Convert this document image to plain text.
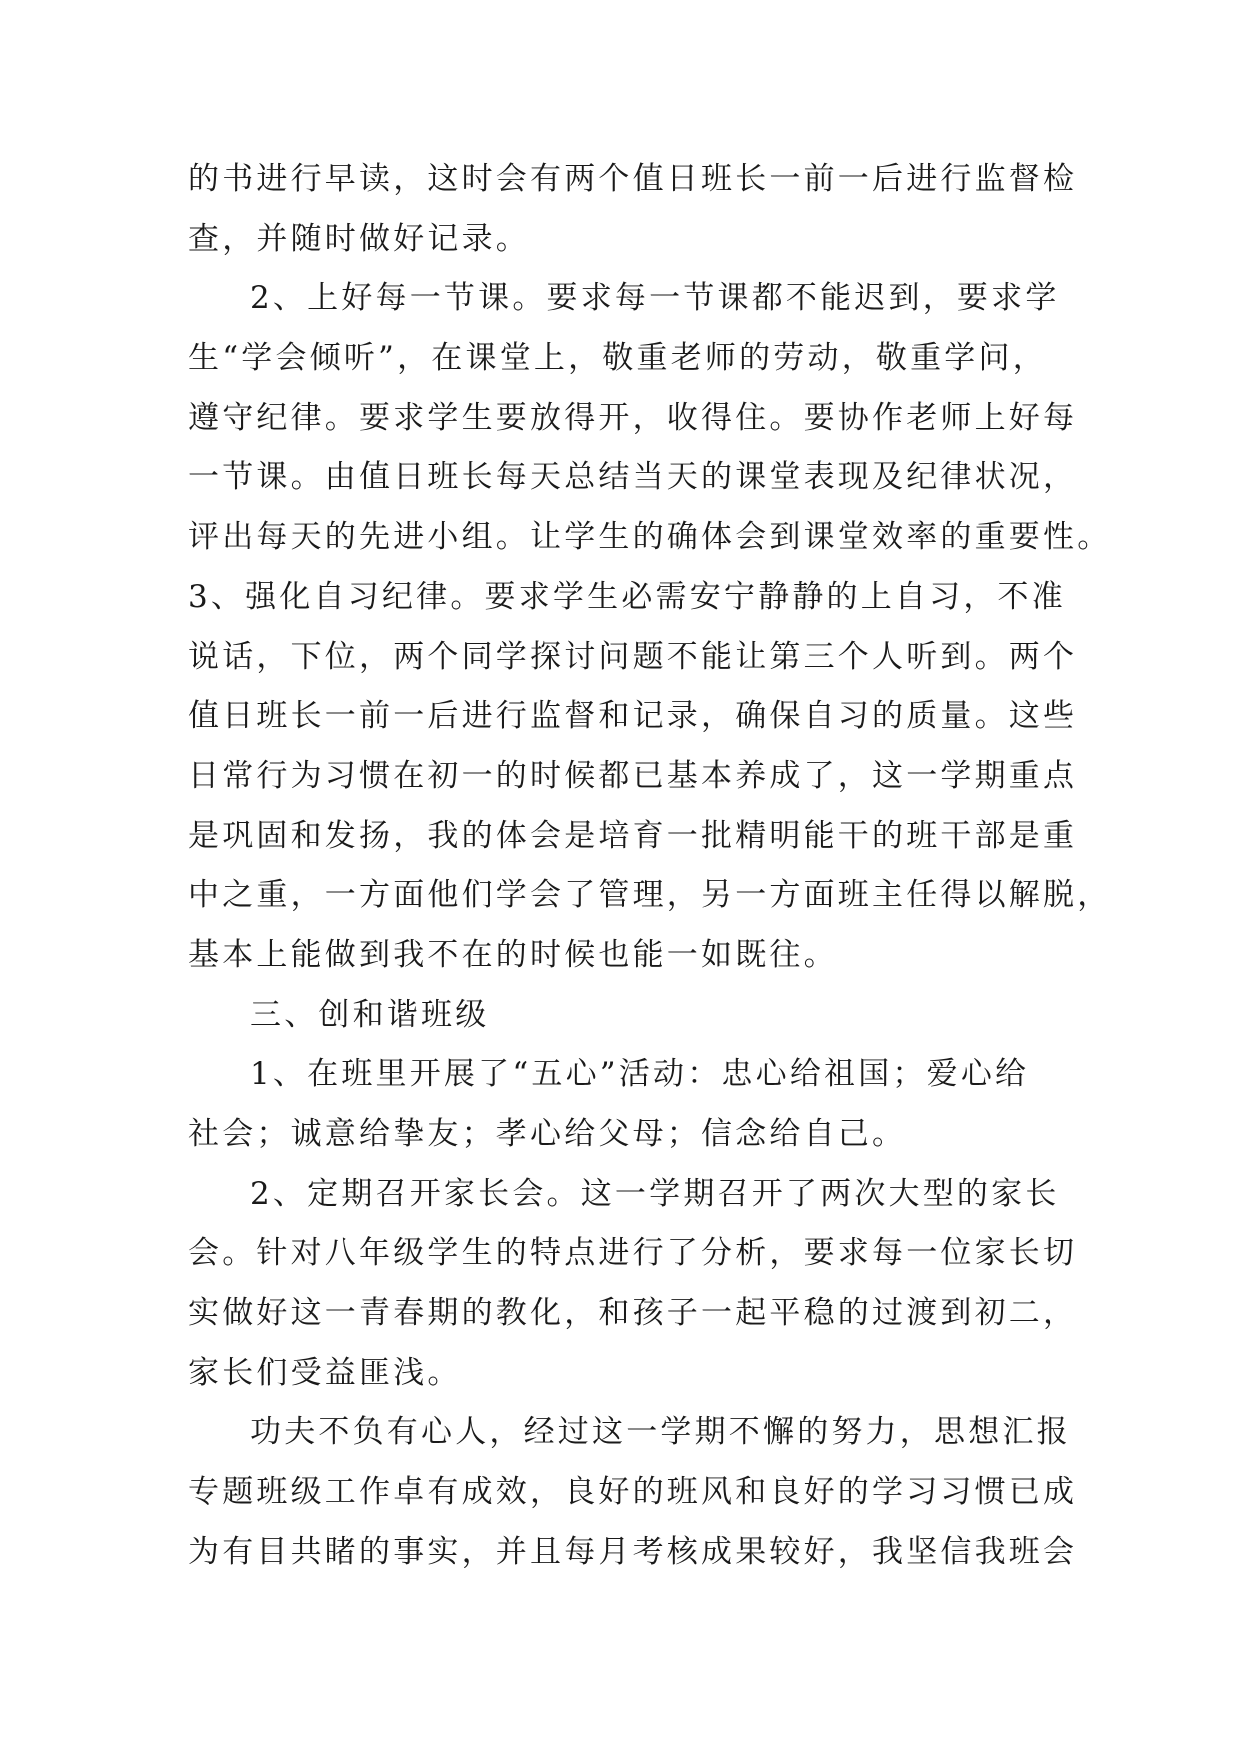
的书进行早读，这时会有两个值日班长一前一后进行监督检
查，并随时做好记录。
2、上好每一节课。要求每一节课都不能迟到，要求学
生“学会倾听”，在课堂上，敬重老师的劳动，敬重学问，
遵守纪律。要求学生要放得开，收得住。要协作老师上好每
一节课。由值日班长每天总结当天的课堂表现及纪律状况，
评出每天的先进小组。让学生的确体会到课堂效率的重要性。
3、强化自习纪律。要求学生必需安宁静静的上自习，不准
说话，下位，两个同学探讨问题不能让第三个人听到。两个
值日班长一前一后进行监督和记录，确保自习的质量。这些
日常行为习惯在初一的时候都已基本养成了，这一学期重点
是巩固和发扬，我的体会是培育一批精明能干的班干部是重
中之重，一方面他们学会了管理，另一方面班主任得以解脱，
基本上能做到我不在的时候也能一如既往。
三、创和谐班级
1、在班里开展了“五心”活动：忠心给祖国；爱心给
社会；诚意给挚友；孝心给父母；信念给自己。
2、定期召开家长会。这一学期召开了两次大型的家长
会。针对八年级学生的特点进行了分析，要求每一位家长切
实做好这一青春期的教化，和孩子一起平稳的过渡到初二，
家长们受益匪浅。
功夫不负有心人，经过这一学期不懈的努力，思想汇报
专题班级工作卓有成效，良好的班风和良好的学习习惯已成
为有目共睹的事实，并且每月考核成果较好，我坚信我班会
